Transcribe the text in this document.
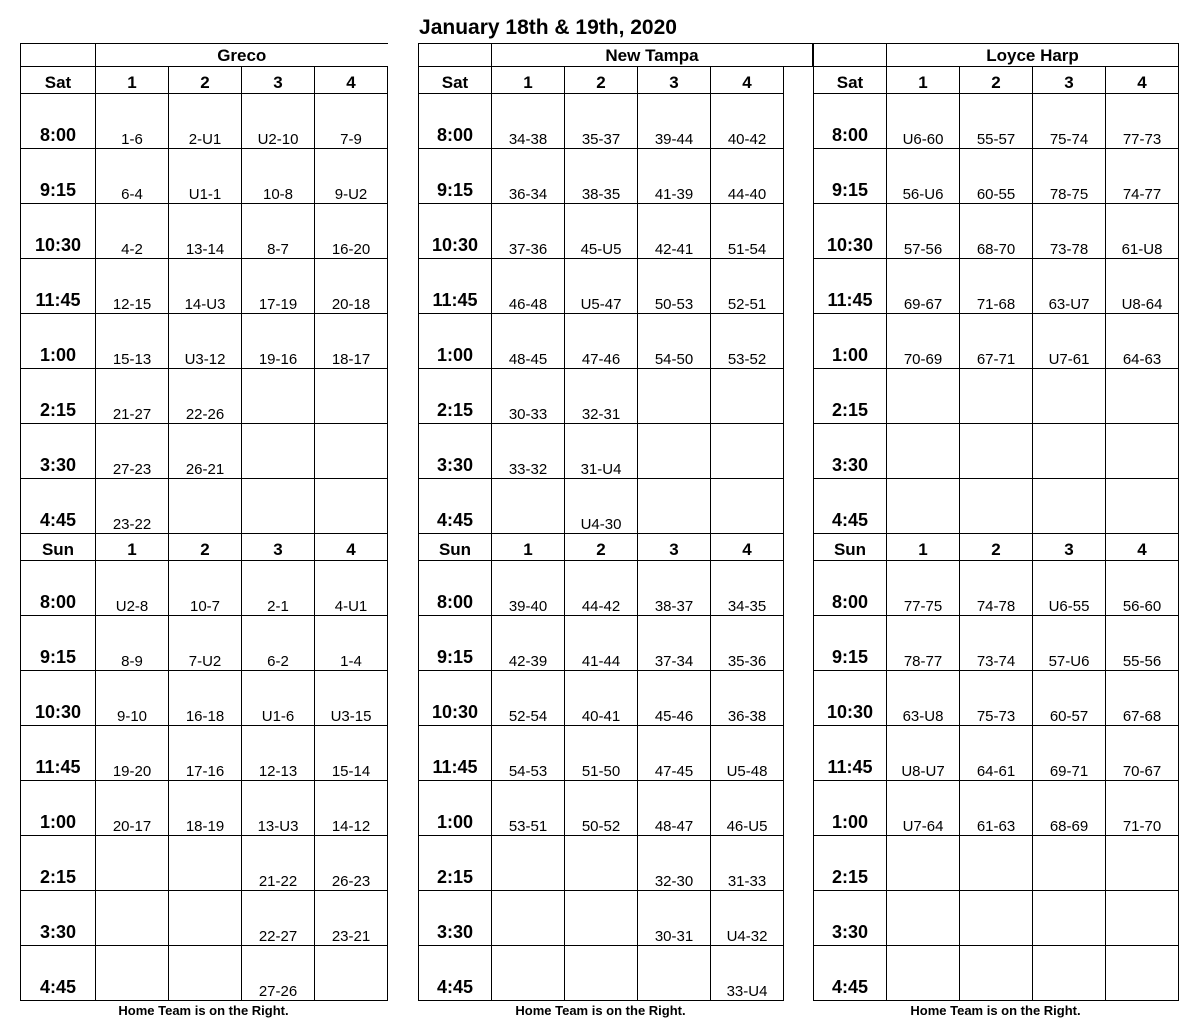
January 18th & 19th, 2020
	Greco			
Sat	1	2	3	4
8:00	1-6	2-U1	U2-10	7-9
9:15	6-4	U1-1	10-8	9-U2
10:30	4-2	13-14	8-7	16-20
11:45	12-15	14-U3	17-19	20-18
1:00	15-13	U3-12	19-16	18-17
2:15	21-27	22-26		
3:30	27-23	26-21		
4:45	23-22			
Sun	1	2	3	4
8:00	U2-8	10-7	2-1	4-U1
9:15	8-9	7-U2	6-2	1-4
10:30	9-10	16-18	U1-6	U3-15
11:45	19-20	17-16	12-13	15-14
1:00	20-17	18-19	13-U3	14-12
2:15			21-22	26-23
3:30			22-27	23-21
4:45			27-26	
Home Team is on the Right.
	New Tampa				
Sat	1	2	3	4	
8:00	34-38	35-37	39-44	40-42	
9:15	36-34	38-35	41-39	44-40	
10:30	37-36	45-U5	42-41	51-54	
11:45	46-48	U5-47	50-53	52-51	
1:00	48-45	47-46	54-50	53-52	
2:15	30-33	32-31			
3:30	33-32	31-U4			
4:45		U4-30			
Sun	1	2	3	4	
8:00	39-40	44-42	38-37	34-35	
9:15	42-39	41-44	37-34	35-36	
10:30	52-54	40-41	45-46	36-38	
11:45	54-53	51-50	47-45	U5-48	
1:00	53-51	50-52	48-47	46-U5	
2:15			32-30	31-33	
3:30			30-31	U4-32	
4:45				33-U4	
Home Team is on the Right.
	Loyce Harp			
Sat	1	2	3	4
8:00	U6-60	55-57	75-74	77-73
9:15	56-U6	60-55	78-75	74-77
10:30	57-56	68-70	73-78	61-U8
11:45	69-67	71-68	63-U7	U8-64
1:00	70-69	67-71	U7-61	64-63
2:15				
3:30				
4:45				
Sun	1	2	3	4
8:00	77-75	74-78	U6-55	56-60
9:15	78-77	73-74	57-U6	55-56
10:30	63-U8	75-73	60-57	67-68
11:45	U8-U7	64-61	69-71	70-67
1:00	U7-64	61-63	68-69	71-70
2:15				
3:30				
4:45				
Home Team is on the Right.
